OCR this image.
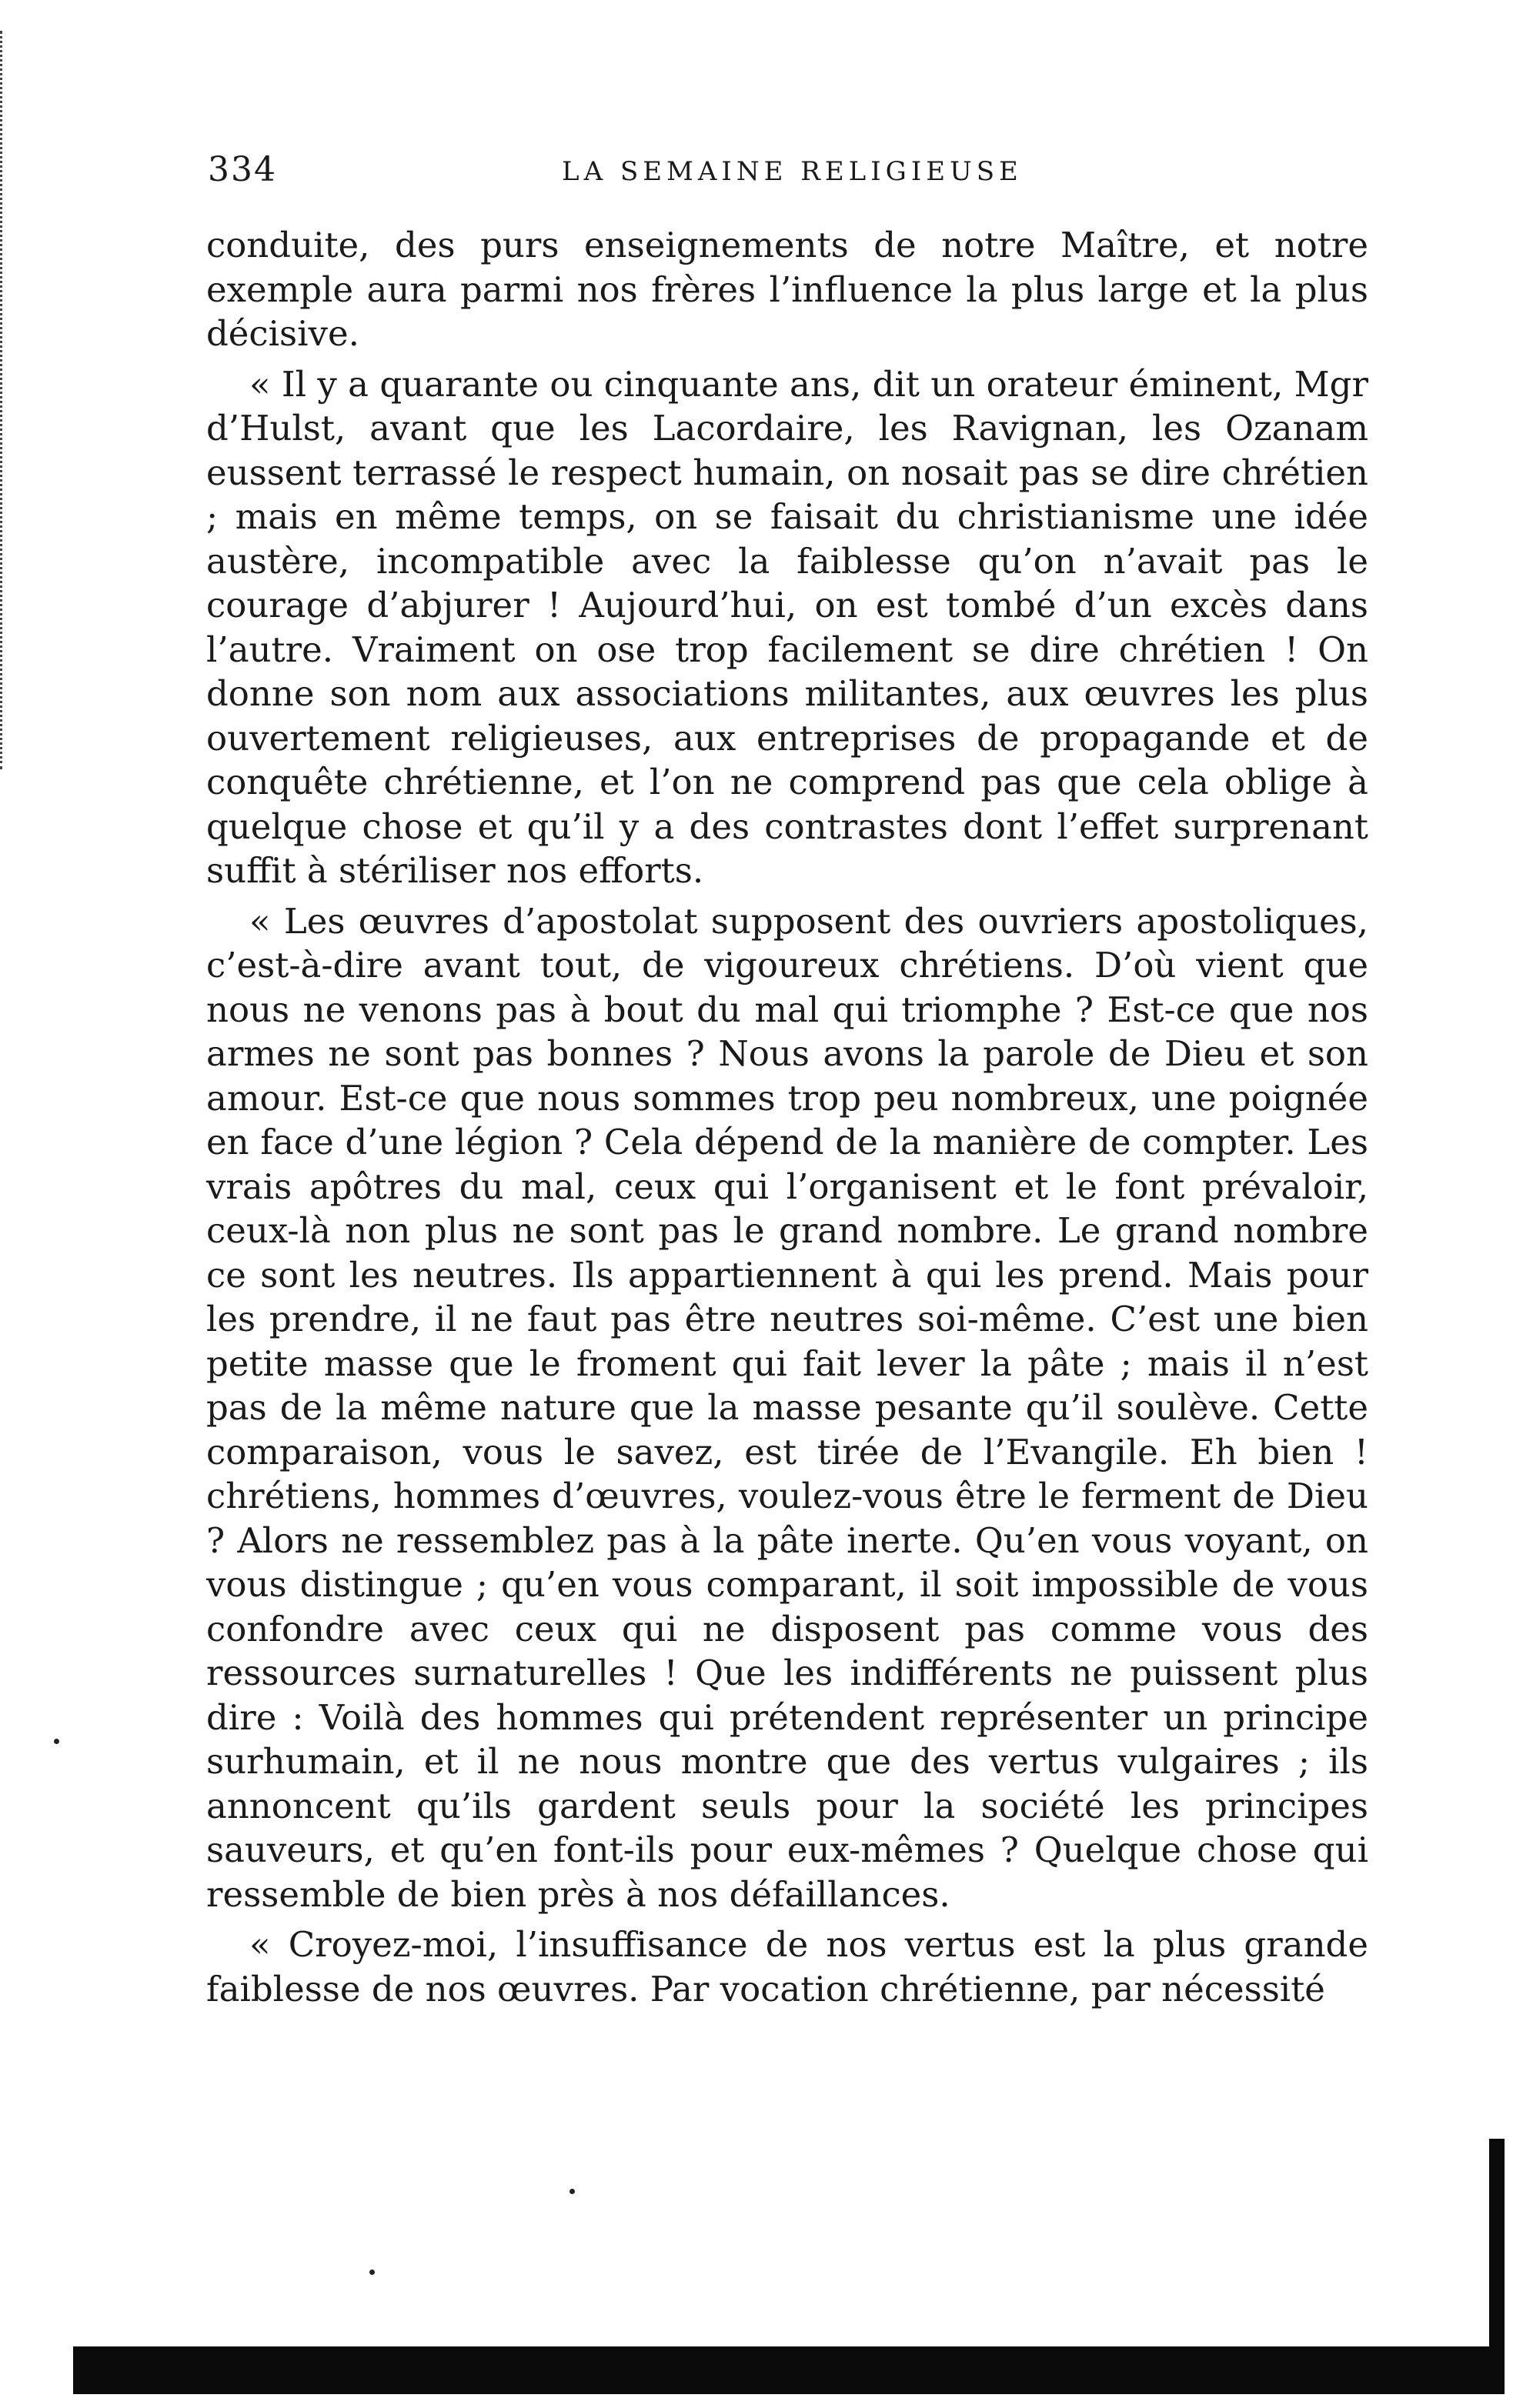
334	LA SEMAINE RELIGIEUSE

conduite, des purs enseignements de notre Maître, et notre exemple aura parmi nos frères l’influence la plus large et la plus décisive.

« Il y a quarante ou cinquante ans, dit un orateur éminent, Mgr d’Hulst, avant que les Lacordaire, les Ravignan, les Ozanam eussent terrassé le respect humain, on nosait pas se dire chrétien ; mais en même temps, on se faisait du christianisme une idée austère, incompatible avec la faiblesse qu’on n’avait pas le courage d’abjurer ! Aujourd’hui, on est tombé d’un excès dans l’autre. Vraiment on ose trop facilement se dire chrétien ! On donne son nom aux associations militantes, aux œuvres les plus ouvertement religieuses, aux entreprises de propagande et de conquête chrétienne, et l’on ne comprend pas que cela oblige à quelque chose et qu’il y a des contrastes dont l’effet surprenant suffit à stériliser nos efforts.

« Les œuvres d’apostolat supposent des ouvriers apostoliques, c’est-à-dire avant tout, de vigoureux chrétiens. D’où vient que nous ne venons pas à bout du mal qui triomphe ? Est-ce que nos armes ne sont pas bonnes ? Nous avons la parole de Dieu et son amour. Est-ce que nous sommes trop peu nombreux, une poignée en face d’une légion ? Cela dépend de la manière de compter. Les vrais apôtres du mal, ceux qui l’organisent et le font prévaloir, ceux-là non plus ne sont pas le grand nombre. Le grand nombre ce sont les neutres. Ils appartiennent à qui les prend. Mais pour les prendre, il ne faut pas être neutres soi-même. C’est une bien petite masse que le froment qui fait lever la pâte ; mais il n’est pas de la même nature que la masse pesante qu’il soulève. Cette comparaison, vous le savez, est tirée de l’Evangile. Eh bien ! chrétiens, hommes d’œuvres, voulez-vous être le ferment de Dieu ? Alors ne ressemblez pas à la pâte inerte. Qu’en vous voyant, on vous distingue ; qu’en vous comparant, il soit impossible de vous confondre avec ceux qui ne disposent pas comme vous des ressources surnaturelles ! Que les indifférents ne puissent plus dire : Voilà des hommes qui prétendent représenter un principe surhumain, et il ne nous montre que des vertus vulgaires ; ils annoncent qu’ils gardent seuls pour la société les principes sauveurs, et qu’en font-ils pour eux-mêmes ? Quelque chose qui ressemble de bien près à nos défaillances.

« Croyez-moi, l’insuffisance de nos vertus est la plus grande faiblesse de nos œuvres. Par vocation chrétienne, par nécessité
